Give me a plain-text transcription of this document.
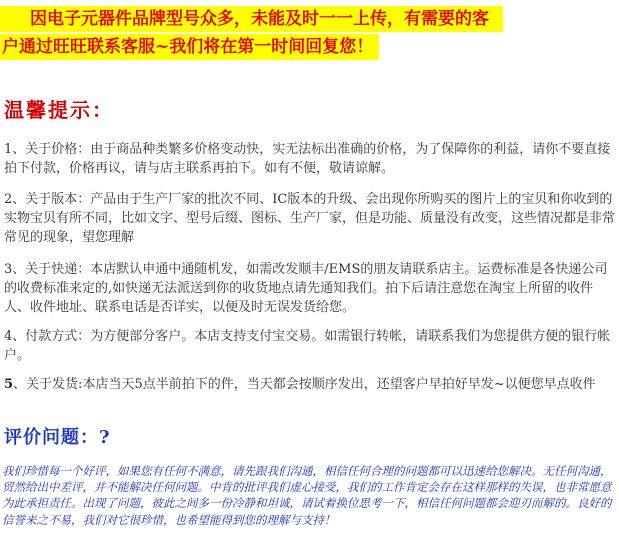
因电子元器件品牌型号众多，未能及时一一上传，有需要的客
户通过旺旺联系客服~我们将在第一时间回复您！
温馨提示：
1、关于价格：由于商品种类繁多价格变动快，实无法标出准确的价格，为了保障你的利益，请你不要直接拍下付款，价格再议，请与店主联系再拍下。如有不便，敬请谅解。
2、关于版本：产品由于生产厂家的批次不同、IC版本的升级、会出现你所购买的图片上的宝贝和你收到的实物宝贝有所不同，比如文字、型号后缀、图标、生产厂家，但是功能、质量没有改变，这些情况都是非常常见的现象，望您理解
3、关于快递：本店默认申通中通随机发，如需改发顺丰/EMS的朋友请联系店主。运费标准是各快递公司的收费标准来定的,如快递无法派送到你的收货地点请先通知我们。拍下后请注意您在淘宝上所留的收件人、收件地址、联系电话是否详实，以便及时无误发货给您。
4、付款方式：为方便部分客户。本店支持支付宝交易。如需银行转帐，请联系我们为您提供方便的银行帐户。
5、关于发货:本店当天5点半前拍下的件，当天都会按顺序发出，还望客户早拍好早发~以便您早点收件
评价问题：?
我们珍惜每一个好评，如果您有任何不满意，请先跟我们沟通，相信任何合理的问题都可以迅速给您解决。无任何沟通，贸然给出中差评，并不能解决任何问题。中肯的批评我们虚心接受，我们的工作肯定会存在这样那样的失误，也非常愿意为此承担责任。出现了问题，彼此之间多一份冷静和坦诚，请试着换位思考一下，相信任何问题都会迎刃而解的。良好的信誉来之不易，我们对它很珍惜，也希望能得到您的理解与支持！
